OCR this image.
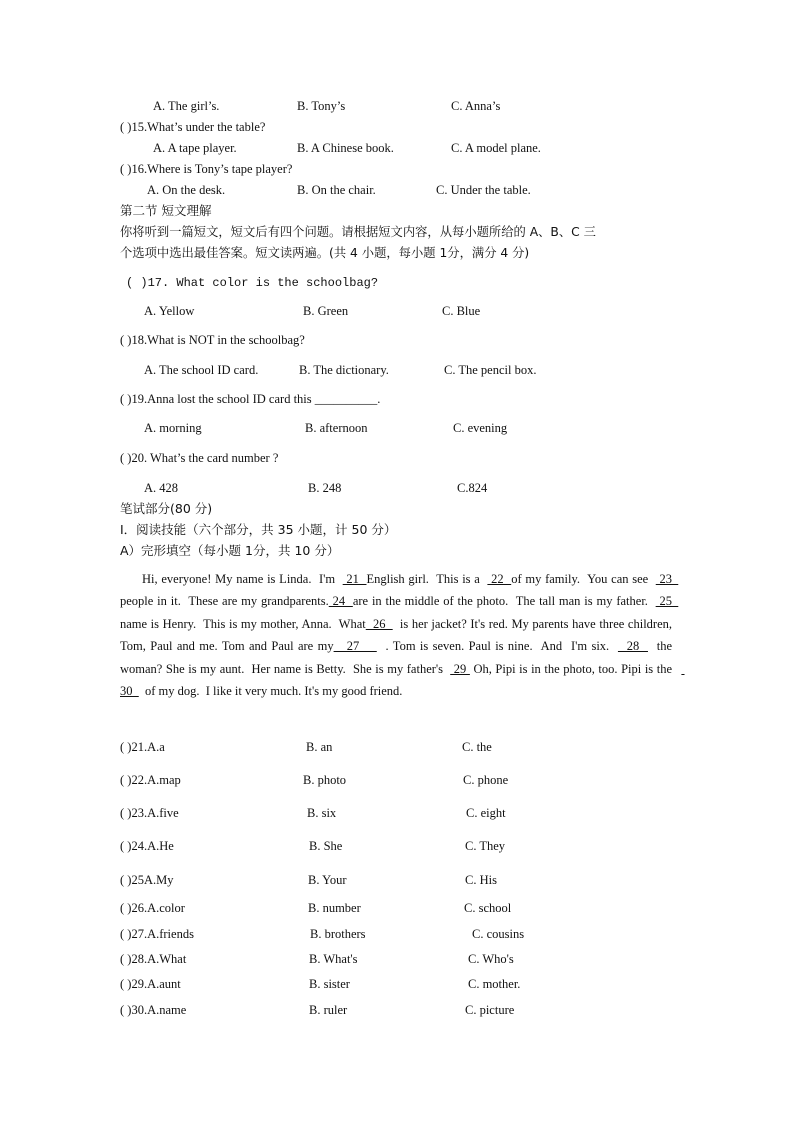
A. The girl’s.	B. Tony’s	C. Anna’s
( )15.What’s under the table?
A. A tape player.	B. A Chinese book.	C. A model plane.
( )16.Where is Tony’s tape player?
A. On the desk.	B. On the chair.	C. Under the table.
第二节 短文理解
你将听到一篇短文，短文后有四个问题。请根据短文内容，从每小题所给的 A、B、C 三
个选项中选出最佳答案。短文读两遍。(共 4 小题，每小题 1分，满分 4 分)
( )17. What color is the schoolbag?
A. Yellow	B. Green	C. Blue
( )18.What is NOT in the schoolbag?
A. The school ID card.	B. The dictionary.	C. The pencil box.
( )19.Anna lost the school ID card this __________.
A. morning	B. afternoon	C. evening
( )20. What’s the card number ?
A. 428	B. 248	C.824
笔试部分(80 分)
Ⅰ．阅读技能（六个部分，共 35 小题，计 50 分）
A）完形填空（每小题 1分，共 10 分）
Hi, everyone! My name is Linda.  I'm   21  English girl.  This is a   22  of my family.  You can see   23    people in it.  These are my grandparents. 24  are in the middle of the photo.  The tall man is my father.   25    name is Henry.  This is my mother, Anna.  What  26    is her jacket? It's red. My parents have three children,  Tom, Paul and me. Tom and Paul are my   27      . Tom is seven. Paul is nine.  And  I'm six.    28    the woman? She is my aunt.  Her name is Betty.  She is my father's   29  Oh, Pipi is in the photo, too. Pipi is the    30    of my dog.  I like it very much. It's my good friend.
( )21.A.a	B. an	C. the
( )22.A.map	B. photo	C. phone
( )23.A.five	B. six	C. eight
( )24.A.He	B. She	C. They
( )25A.My	B. Your	C. His
( )26.A.color	B. number	C. school
( )27.A.friends	B. brothers	C. cousins
( )28.A.What	B. What's	C. Who's
( )29.A.aunt	B. sister	C. mother.
( )30.A.name	B. ruler	C. picture
